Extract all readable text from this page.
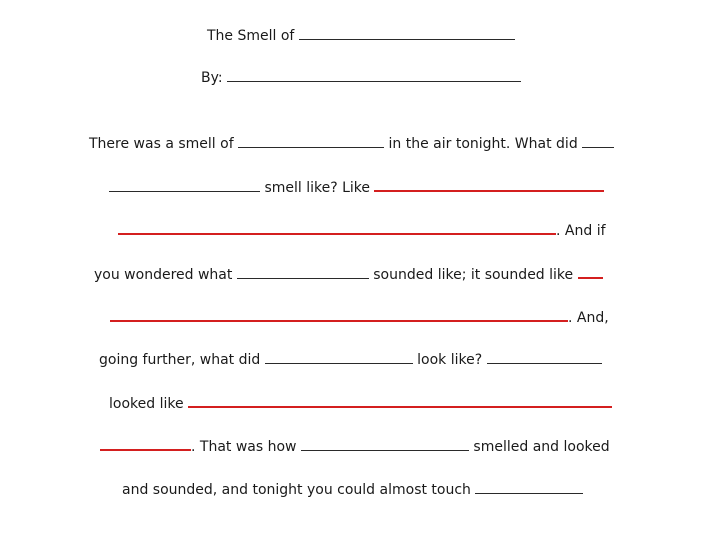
The Smell of
By:
There was a smell of	in the air tonight. What did
smell like? Like
. And if
you wondered what	sounded like; it sounded like
. And,
going further, what did	look like?
looked like
. That was how	smelled and looked
and sounded, and tonight you could almost touch
